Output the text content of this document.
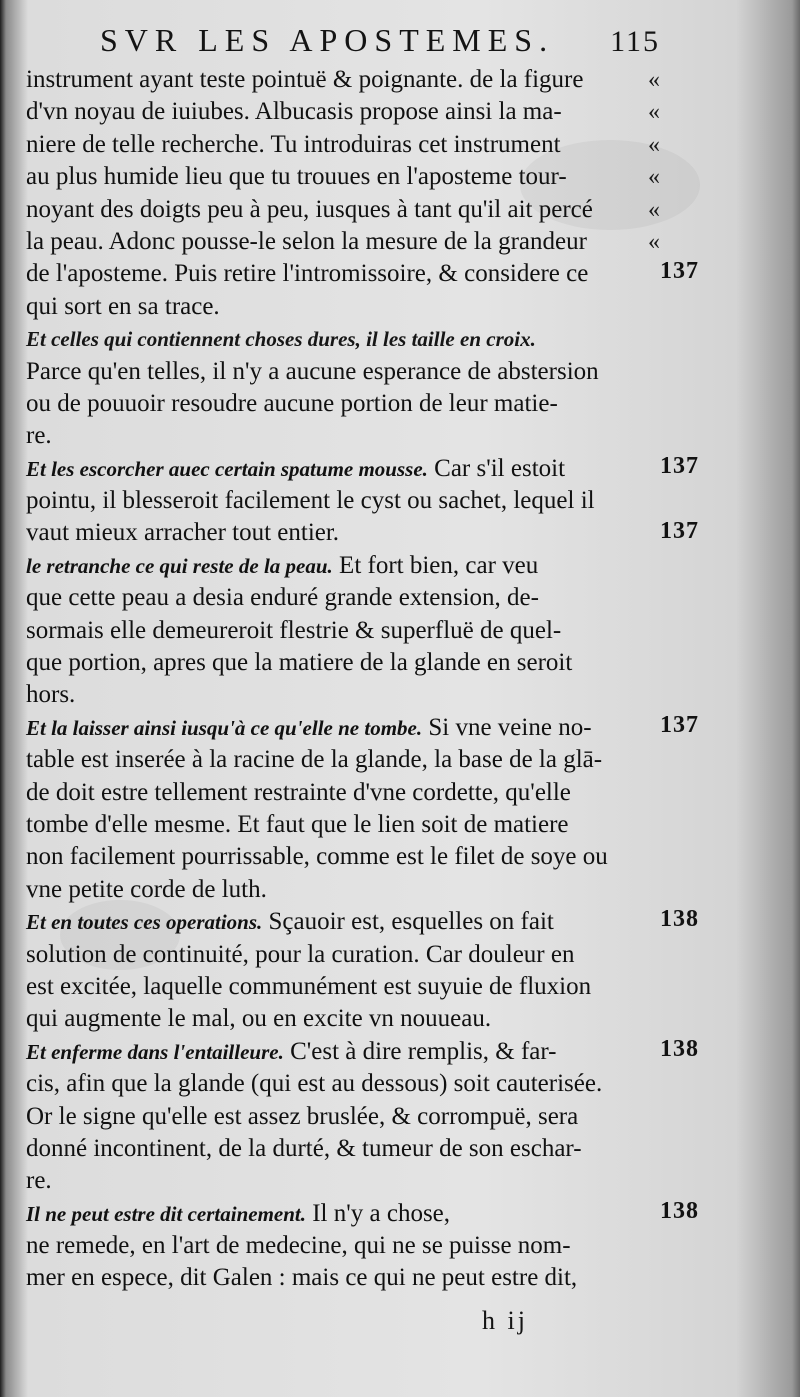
SVR LES APOSTEMES. 115
instrument ayant teste pointuë & poignante. de la figure
d'vn noyau de iuiubes. Albucasis propose ainsi la ma-
niere de telle recherche. Tu introduiras cet instrument
au plus humide lieu que tu trouues en l'aposteme tour-
noyant des doigts peu à peu, iusques à tant qu'il ait percé
la peau. Adonc pousse-le selon la mesure de la grandeur
de l'aposteme. Puis retire l'intromissoire, & considere ce
qui sort en sa trace.
Et celles qui contiennent choses dures, il les taille en croix.
Parce qu'en telles, il n'y a aucune esperance de abstersion
ou de pouuoir resoudre aucune portion de leur matie-
re.
Et les escorcher auec certain spatume mousse. Car s'il estoit
pointu, il blesseroit facilement le cyst ou sachet, lequel il
vaut mieux arracher tout entier.
le retranche ce qui reste de la peau. Et fort bien, car veu
que cette peau a desia enduré grande extension, de-
sormais elle demeureroit flestrie & superfluë de quel-
que portion, apres que la matiere de la glande en seroit
hors.
Et la laisser ainsi iusqu'à ce qu'elle ne tombe. Si vne veine no-
table est inserée à la racine de la glande, la base de la glā-
de doit estre tellement restrainte d'vne cordette, qu'elle
tombe d'elle mesme. Et faut que le lien soit de matiere
non facilement pourrissable, comme est le filet de soye ou
vne petite corde de luth.
Et en toutes ces operations. Sçauoir est, esquelles on fait
solution de continuité, pour la curation. Car douleur en
est excitée, laquelle communément est suyuie de fluxion
qui augmente le mal, ou en excite vn nouueau.
Et enferme dans l'entailleure. C'est à dire remplis, & far-
cis, afin que la glande (qui est au dessous) soit cauterisée.
Or le signe qu'elle est assez bruslée, & corrompuë, sera
donné incontinent, de la durté, & tumeur de son eschar-
re.
Il ne peut estre dit certainement. Il n'y a chose,
ne remede, en l'art de medecine, qui ne se puisse nom-
mer en espece, dit Galen : mais ce qui ne peut estre dit,
«
«
«
«
«
«
137
137
137
137
138
138
138
h ij
